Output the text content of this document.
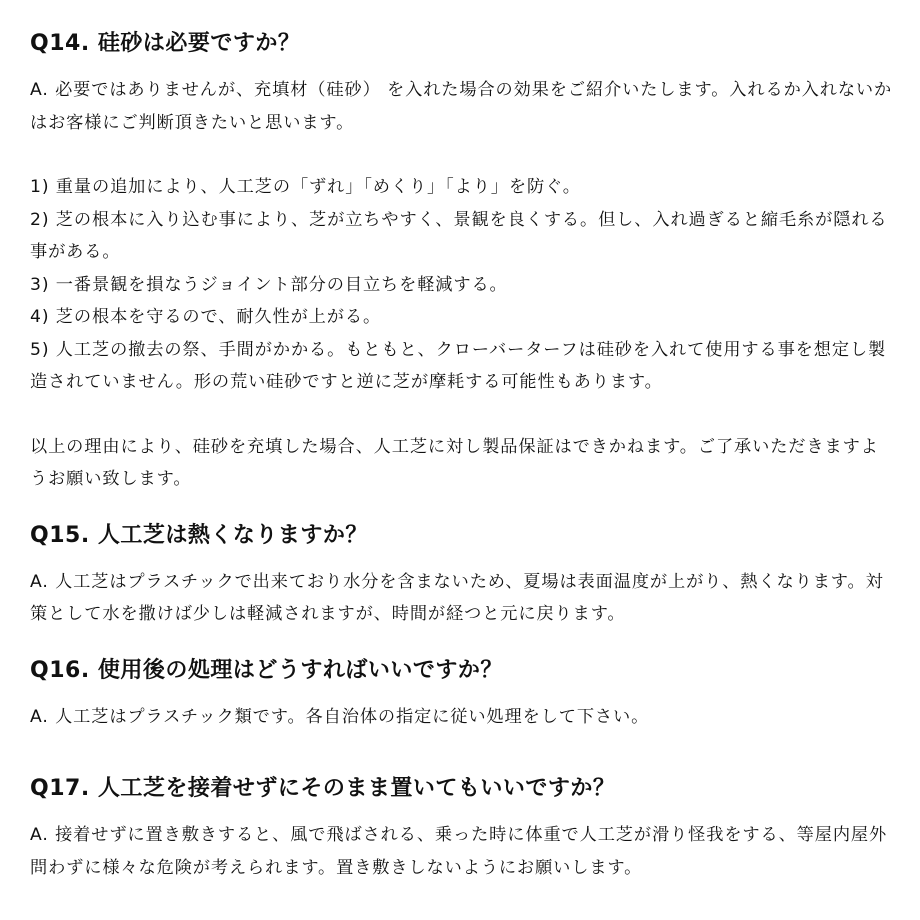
Q14. 硅砂は必要ですか？

A. 必要ではありませんが、充填材（硅砂） を入れた場合の効果をご紹介いたします。入れるか入れないかはお客様にご判断頂きたいと思います。

1) 重量の追加により、人工芝の「ずれ」「めくり」「より」を防ぐ。
2) 芝の根本に入り込む事により、芝が立ちやすく、景観を良くする。但し、入れ過ぎると縮毛糸が隠れる事がある。
3) 一番景観を損なうジョイント部分の目立ちを軽減する。
4) 芝の根本を守るので、耐久性が上がる。
5) 人工芝の撤去の祭、手間がかかる。もともと、クローバーターフは硅砂を入れて使用する事を想定し製造されていません。形の荒い硅砂ですと逆に芝が摩耗する可能性もあります。

以上の理由により、硅砂を充填した場合、人工芝に対し製品保証はできかねます。ご了承いただきますようお願い致します。

Q15. 人工芝は熱くなりますか？

A. 人工芝はプラスチックで出来ており水分を含まないため、夏場は表面温度が上がり、熱くなります。対策として水を撒けば少しは軽減されますが、時間が経つと元に戻ります。

Q16. 使用後の処理はどうすればいいですか？

A. 人工芝はプラスチック類です。各自治体の指定に従い処理をして下さい。

Q17. 人工芝を接着せずにそのまま置いてもいいですか？

A. 接着せずに置き敷きすると、風で飛ばされる、乗った時に体重で人工芝が滑り怪我をする、等屋内屋外問わずに様々な危険が考えられます。置き敷きしないようにお願いします。
